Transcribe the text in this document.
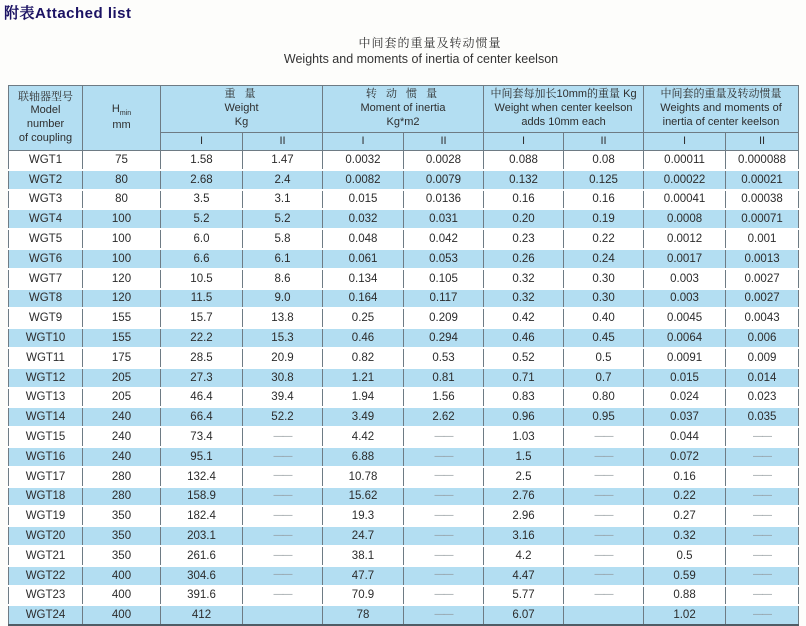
附表Attached list
中间套的重量及转动惯量
Weights and moments of inertia of center keelson
联轴器型号
Model number
of coupling

$H_{min}$
mm

重 量
Weight
Kg

转 动 惯 量
Moment of inertia
Kg*m2

中间套每加长10mm的重量 Kg
Weight when center keelson
adds 10mm each

中间套的重量及转动惯量
Weights and moments of
inertia of center keelson

		I	II	I	II	I	II	I	II
WGT1	75	1.58	1.47	0.0032	0.0028	0.088	0.08	0.00011	0.000088
WGT2	80	2.68	2.4	0.0082	0.0079	0.132	0.125	0.00022	0.00021
WGT3	80	3.5	3.1	0.015	0.0136	0.16	0.16	0.00041	0.00038
WGT4	100	5.2	5.2	0.032	0.031	0.20	0.19	0.0008	0.00071
WGT5	100	6.0	5.8	0.048	0.042	0.23	0.22	0.0012	0.001
WGT6	100	6.6	6.1	0.061	0.053	0.26	0.24	0.0017	0.0013
WGT7	120	10.5	8.6	0.134	0.105	0.32	0.30	0.003	0.0027
WGT8	120	11.5	9.0	0.164	0.117	0.32	0.30	0.003	0.0027
WGT9	155	15.7	13.8	0.25	0.209	0.42	0.40	0.0045	0.0043
WGT10	155	22.2	15.3	0.46	0.294	0.46	0.45	0.0064	0.006
WGT11	175	28.5	20.9	0.82	0.53	0.52	0.5	0.0091	0.009
WGT12	205	27.3	30.8	1.21	0.81	0.71	0.7	0.015	0.014
WGT13	205	46.4	39.4	1.94	1.56	0.83	0.80	0.024	0.023
WGT14	240	66.4	52.2	3.49	2.62	0.96	0.95	0.037	0.035
WGT15	240	73.4	——	4.42	——	1.03	——	0.044	——
WGT16	240	95.1	——	6.88	——	1.5	——	0.072	——
WGT17	280	132.4	——	10.78	——	2.5	——	0.16	——
WGT18	280	158.9	——	15.62	——	2.76	——	0.22	——
WGT19	350	182.4	——	19.3	——	2.96	——	0.27	——
WGT20	350	203.1	——	24.7	——	3.16	——	0.32	——
WGT21	350	261.6	——	38.1	——	4.2	——	0.5	——
WGT22	400	304.6	——	47.7	——	4.47	——	0.59	——
WGT23	400	391.6	——	70.9	——	5.77	——	0.88	——
WGT24	400	412		78	——	6.07		1.02	——
